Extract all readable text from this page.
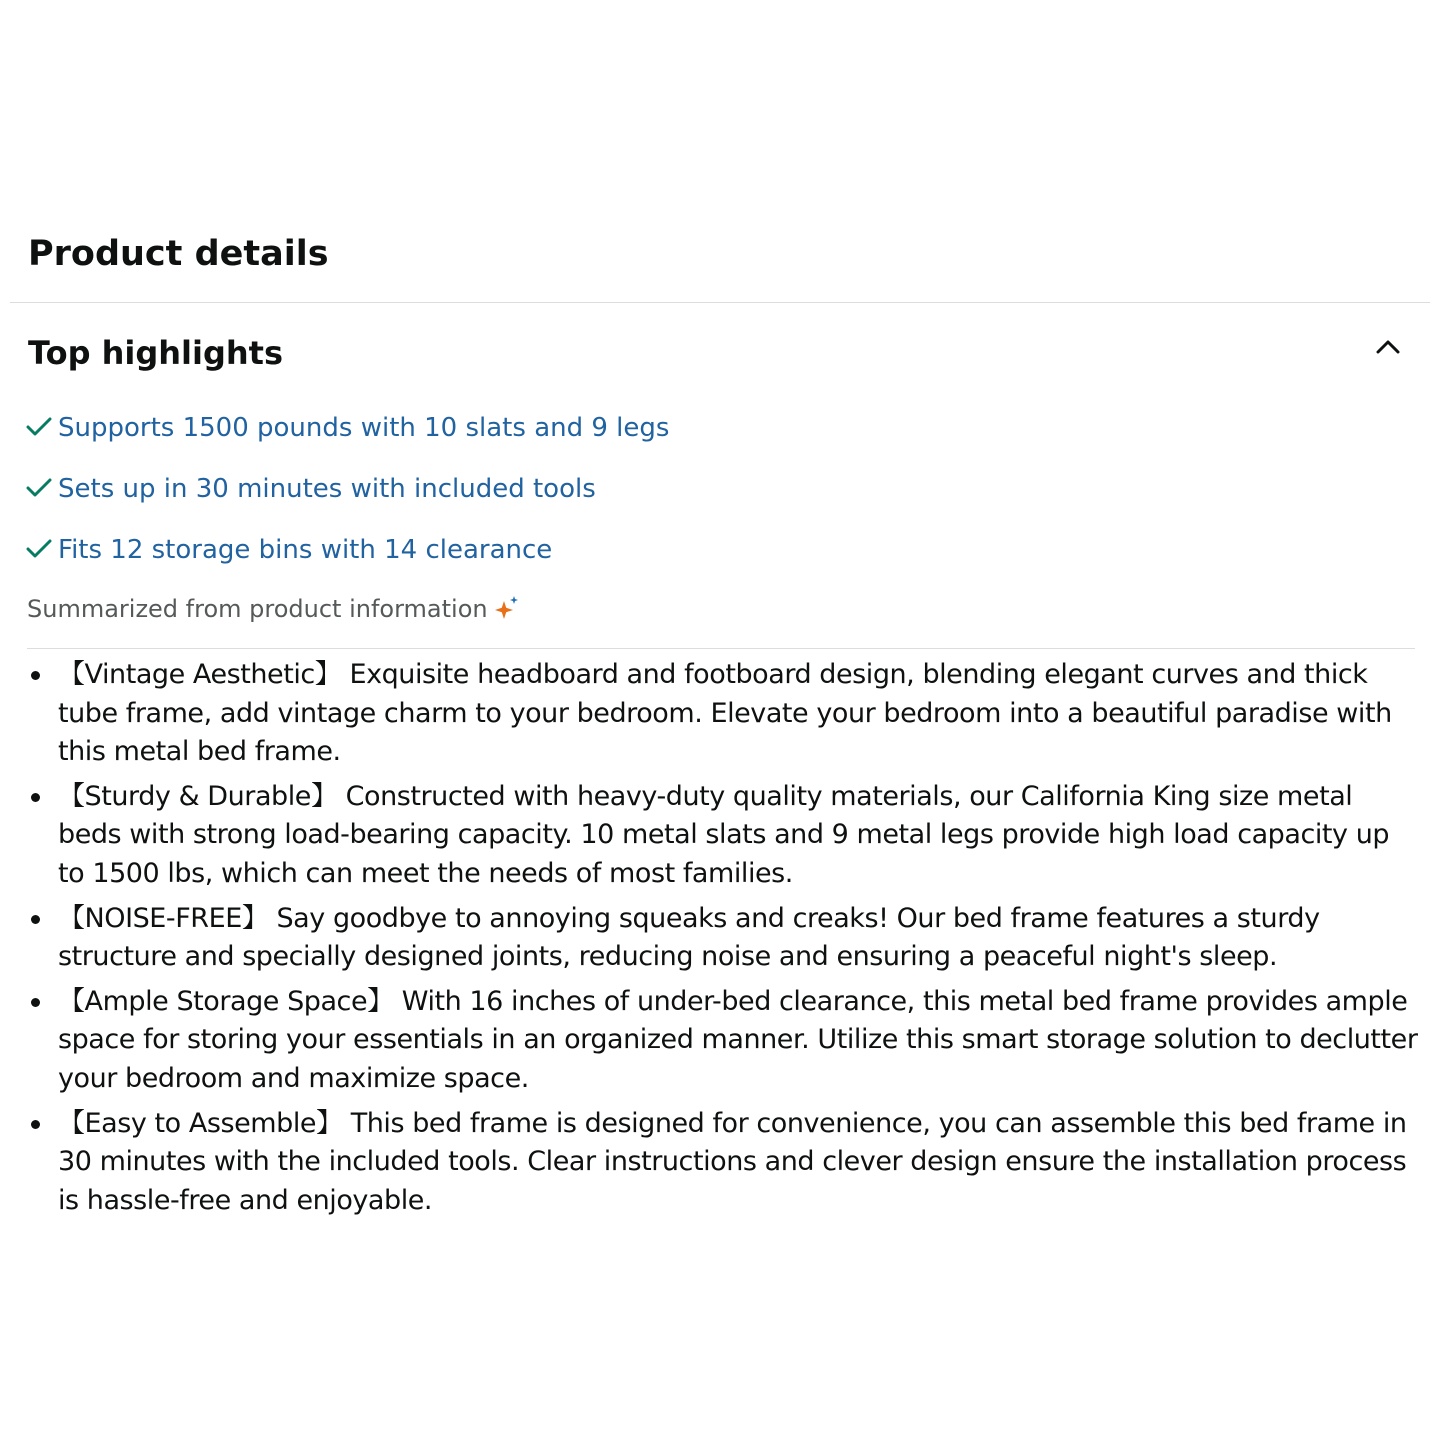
Product details
Top highlights
Supports 1500 pounds with 10 slats and 9 legs
Sets up in 30 minutes with included tools
Fits 12 storage bins with 14 clearance
Summarized from product information
【Vintage Aesthetic】 Exquisite headboard and footboard design, blending elegant curves and thick tube frame, add vintage charm to your bedroom. Elevate your bedroom into a beautiful paradise with this metal bed frame.
【Sturdy & Durable】 Constructed with heavy-duty quality materials, our California King size metal beds with strong load-bearing capacity. 10 metal slats and 9 metal legs provide high load capacity up to 1500 lbs, which can meet the needs of most families.
【NOISE-FREE】 Say goodbye to annoying squeaks and creaks! Our bed frame features a sturdy structure and specially designed joints, reducing noise and ensuring a peaceful night's sleep.
【Ample Storage Space】 With 16 inches of under-bed clearance, this metal bed frame provides ample space for storing your essentials in an organized manner. Utilize this smart storage solution to declutter your bedroom and maximize space.
【Easy to Assemble】 This bed frame is designed for convenience, you can assemble this bed frame in 30 minutes with the included tools. Clear instructions and clever design ensure the installation process is hassle-free and enjoyable.
